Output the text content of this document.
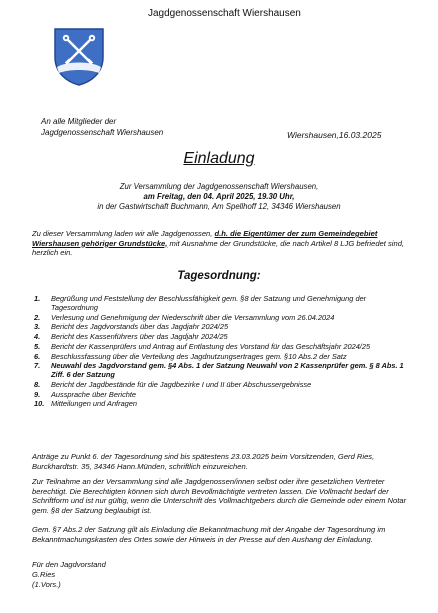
Jagdgenossenschaft Wiershausen
An alle Mitglieder der
Jagdgenossenschaft Wiershausen	Wiershausen,16.03.2025
Einladung
Zur Versammlung der Jagdgenossenschaft Wiershausen,
am Freitag, den 04. April 2025, 19.30 Uhr,
in der Gastwirtschaft Buchmann, Am Spellhoff 12, 34346 Wiershausen
Zu dieser Versammlung laden wir alle Jagdgenossen, d.h. die Eigentümer der zum Gemeindegebiet Wiershausen gehöriger Grundstücke, mit Ausnahme der Grundstücke, die nach Artikel 8 LJG befriedet sind, herzlich ein.
Tagesordnung:
1. Begrüßung und Feststellung der Beschlussfähigkeit gem. §8 der Satzung und Genehmigung der Tagesordnung
2. Verlesung und Genehmigung der Niederschrift über die Versammlung vom 26.04.2024
3. Bericht des Jagdvorstands über das Jagdjahr 2024/25
4. Bericht des Kassenführers über das Jagdjahr 2024/25
5. Bericht der Kassenprüfers und Antrag auf Entlastung des Vorstand für das Geschäftsjahr 2024/25
6. Beschlussfassung über die Verteilung des Jagdnutzungsertrages gem. §10 Abs.2 der Satz
7. Neuwahl des Jagdvorstand gem. §4 Abs. 1 der Satzung Neuwahl von 2 Kassenprüfer gem. § 8 Abs. 1 Ziff. 6 der Satzung
8. Bericht der Jagdbestände für die Jagdbezirke I und II über Abschussergebnisse
9. Aussprache über Berichte
10. Mitteilungen und Anfragen
Anträge zu Punkt 6. der Tagesordnung sind bis spätestens 23.03.2025 beim Vorsitzenden, Gerd Ries, Burckhardtstr. 35, 34346 Hann.Münden, schriftlich einzureichen.
Zur Teilnahme an der Versammlung sind alle Jagdgenossen/innen selbst oder ihre gesetzlichen Vertreter berechtigt. Die Berechtigten können sich durch Bevollmächtigte vertreten lassen. Die Vollmacht bedarf der Schriftform und ist nur gültig, wenn die Unterschrift des Vollmachtgebers durch die Gemeinde oder einem Notar gem. §8 der Satzung beglaubigt ist.
Gem. §7 Abs.2 der Satzung gilt als Einladung die Bekanntmachung mit der Angabe der Tagesordnung im Bekanntmachungskasten des Ortes sowie der Hinweis in der Presse auf den Aushang der Einladung.
Für den Jagdvorstand
G.Ries
(1.Vors.)
